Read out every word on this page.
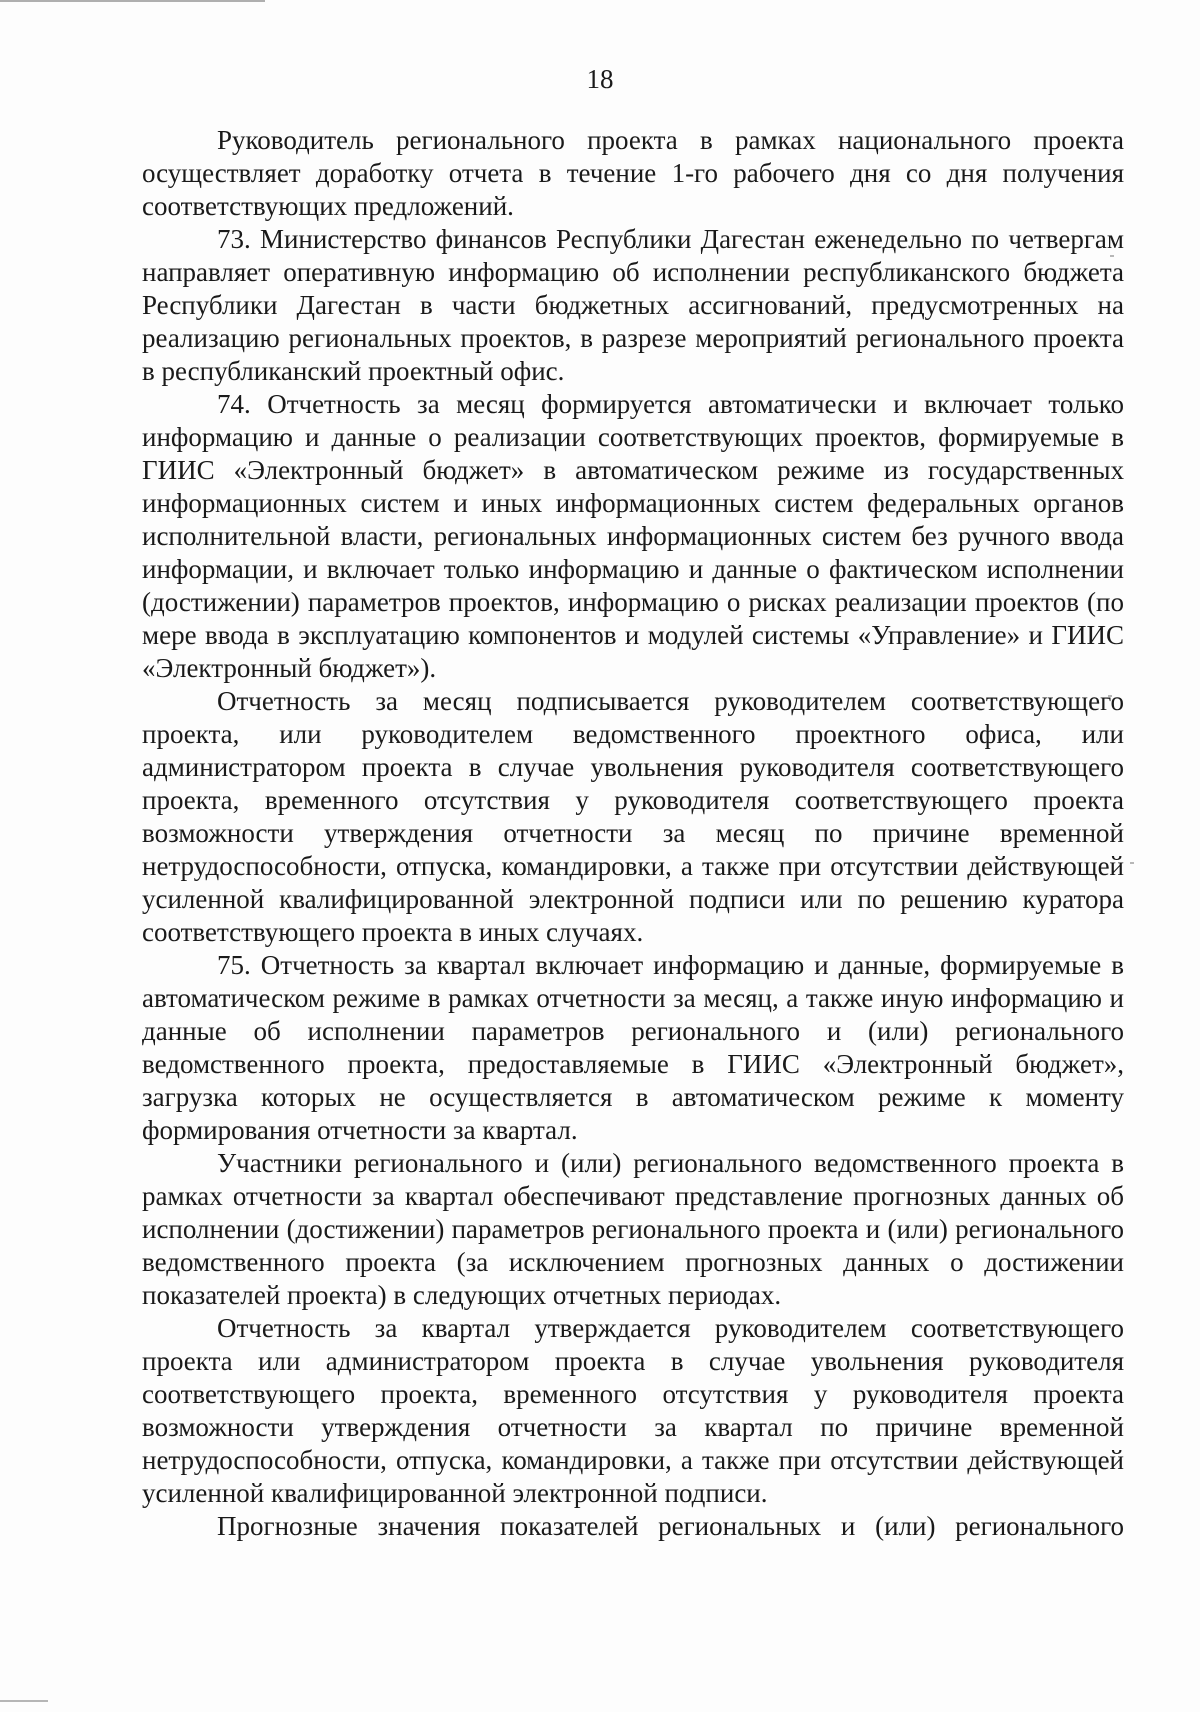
18

Руководитель регионального проекта в рамках национального проекта осуществляет доработку отчета в течение 1-го рабочего дня со дня получения соответствующих предложений.

73. Министерство финансов Республики Дагестан еженедельно по четвергам направляет оперативную информацию об исполнении республиканского бюджета Республики Дагестан в части бюджетных ассигнований, предусмотренных на реализацию региональных проектов, в разрезе мероприятий регионального проекта в республиканский проектный офис.

74. Отчетность за месяц формируется автоматически и включает только информацию и данные о реализации соответствующих проектов, формируемые в ГИИС «Электронный бюджет» в автоматическом режиме из государственных информационных систем и иных информационных систем федеральных органов исполнительной власти, региональных информационных систем без ручного ввода информации, и включает только информацию и данные о фактическом исполнении (достижении) параметров проектов, информацию о рисках реализации проектов (по мере ввода в эксплуатацию компонентов и модулей системы «Управление» и ГИИС «Электронный бюджет»).

Отчетность за месяц подписывается руководителем соответствующего проекта, или руководителем ведомственного проектного офиса, или администратором проекта в случае увольнения руководителя соответствующего проекта, временного отсутствия у руководителя соответствующего проекта возможности утверждения отчетности за месяц по причине временной нетрудоспособности, отпуска, командировки, а также при отсутствии действующей усиленной квалифицированной электронной подписи или по решению куратора соответствующего проекта в иных случаях.

75. Отчетность за квартал включает информацию и данные, формируемые в автоматическом режиме в рамках отчетности за месяц, а также иную информацию и данные об исполнении параметров регионального и (или) регионального ведомственного проекта, предоставляемые в ГИИС «Электронный бюджет», загрузка которых не осуществляется в автоматическом режиме к моменту формирования отчетности за квартал.

Участники регионального и (или) регионального ведомственного проекта в рамках отчетности за квартал обеспечивают представление прогнозных данных об исполнении (достижении) параметров регионального проекта и (или) регионального ведомственного проекта (за исключением прогнозных данных о достижении показателей проекта) в следующих отчетных периодах.

Отчетность за квартал утверждается руководителем соответствующего проекта или администратором проекта в случае увольнения руководителя соответствующего проекта, временного отсутствия у руководителя проекта возможности утверждения отчетности за квартал по причине временной нетрудоспособности, отпуска, командировки, а также при отсутствии действующей усиленной квалифицированной электронной подписи.

Прогнозные значения показателей региональных и (или) регионального
